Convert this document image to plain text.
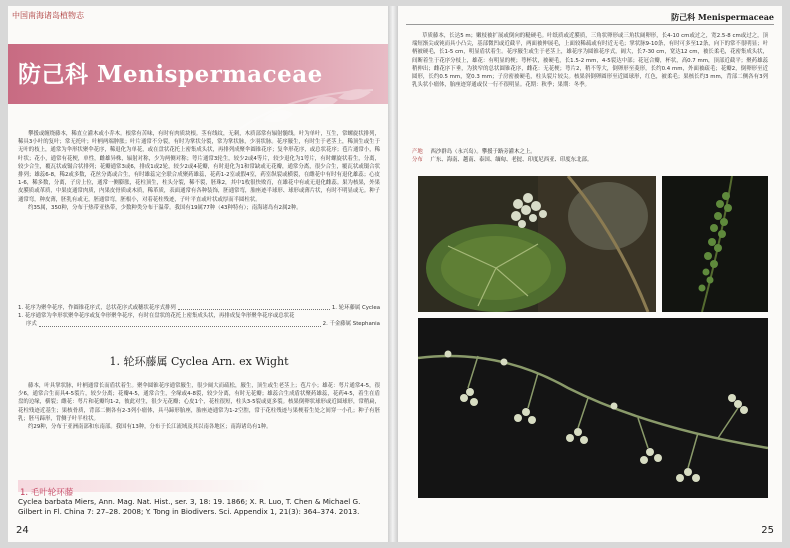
中国南海诸岛植物志
防己科 Menispermaceae

攀援或缠绕藤本，稀直立灌木或小乔木。根常有苦味，有时有肉质块根。茎有线纹，无刺，木质部常有辐射髓线。叶为单叶，互生，常螺旋状排列，稀具3小叶的复叶；常无托叶；叶柄两端肿胀；叶片通常不分裂，有时为掌状分裂，常为掌状脉，少羽状脉。花序腋生，有时生于老茎上，稀顶生或生于无叶的枝上，通常为伞形状聚伞花序，稀退化为单花，或在盘状花托上密集成头状，再排列成聚伞圆锥花序；复伞形花序，或总状花序；苞片通常小，稀叶状；花小，通常有花梗，单性，雌雄异株，辐射对称，少为两侧对称；萼片通常3轮生，较少2或4等片，较少退化为1萼片，有时螺旋状着生，分离，较少合生，覆瓦状或镊合状排列；花瓣通常3或6，排成1或2轮，较少2或4花瓣，有时退化为1和常缺或无花瓣，通常分离，很少合生，覆瓦状或镊合状排列；雄蕊6-8，稀2或多数，花丝分离或合生，有时雄蕊完全联合成聚药雄蕊，花药1-2室或假4室，药室纵裂或横裂，在雌花中有时有退化雄蕊；心皮1-6，稀多数，分离，子房上位，通常一侧膨胀，花柱顶生，柱头分裂，稀不裂，胚珠2，其中1枚很快败育，在雄花中有或无退化雌蕊。果为核果，外果皮膜质或革质，中果皮通常肉质，内果皮骨质或木质，稀革质，表面通常有各种装饰，胚通常弯，胎座迹半球形、球形或薄片状，有时不明显或无。种子通常弯，种皮薄，胚乳有或无，胚通常弯，胚根小，对着花柱残迹，子叶平直或叶状或厚而半圆柱状。

约35属，350种，分布于热带亚热带，少数种类分布于温带。我国有19属77种（43种特有）；南海诸岛有2属2种。

1. 花序为聚伞花序，作圆锥花序式，总状花序式或穗状花序式排列	1. 轮环藤属 Cyclea
1. 花序通常为伞形状聚伞花序或复伞形聚伞花序，有时在盘状的花托上密集成头状，再排成复伞形聚伞花序或总状花
序式	2. 千金藤属 Stephania
1. 轮环藤属 Cyclea Arn. ex Wight

藤本，叶具掌状脉，叶柄通常长而盾状着生。聚伞圆锥花序通常腋生，很少阔大而疏松，腋生，顶生或生老茎上；苞片小；雄花：萼片通常4-5，很少6，通常合生而具4-5裂片，较少分离；花瓣4-5，通常合生，全缘或4-8裂，较少分离，有时无花瓣；雄蕊合生成盾状聚药雄蕊，花药4-5，着生在盾盘的边缘，横裂；雌花：萼片和花瓣均1-2，彼此对生，很少无花瓣；心皮1个，花柱很短，柱头3-5裂或更多裂。核果倒卵状球形或近圆球形，常稍扁，花柱残迹近基生；果核骨质，背部二侧各有2-3列小瘤体，具马蹄形胎座，胎座迹通常为1-2空腔，常于花柱残迹与果梗着生处之间穿一小孔；种子有胚乳；胚马蹄形，背侧子叶半柱状。

约29种，分布于亚洲南部和东南部。我国有13种，分布于长江流域及其以南各地区；南海诸岛有1种。

1. 毛叶轮环藤
Cyclea barbata Miers, Ann. Mag. Nat. Hist., ser. 3, 18: 19. 1866; X. R. Luo, T. Chen & Michael G. Gilbert in Fl. China 7: 27–28. 2008; Y. Tong in Biodivers. Sci. Appendix 1, 21(3): 364–374. 2013.
24
防己科 Menispermaceae

草质藤本，长达5 m；嫩枝被扩展或倒向的糙硬毛。叶纸质或近膜质，三角状卵形或三角状阔卵形，长4-10 cm或过之，宽2.5-8 cm或过之，顶端短渐尖或钝而具小凸尖，基部微凹或近截平，两面被伸展毛，上面较稀疏或有时近无毛；掌状脉9-10条，有时可多至12条，向下的常不很明显；叶柄被硬毛，长1-5 cm，明显盾状着生。花序腋生或生于老茎上，雄花序为圆锥花序式，阔大，长7-30 cm，宽达12 cm，被长柔毛，花密集成头状，间断着生于花序分枝上，雄花：有明显的梗；萼杯状，被硬毛，长1.5-2 mm，4-5裂达中部；花冠合瓣，杯状，高0.7 mm，顶部近截平；聚药雄蕊稍伸出；雌花序下垂，为狭窄的总状圆锥花序，雌花：无花梗；萼片2，稍不等大，倒卵形至菱形，长约0.4 mm，外面被疏毛；花瓣2，倒卵形至近圆形，长约0.5 mm，宽0.3 mm；子房密被硬毛，柱头裂片较尖。核果斜倒卵圆形至近圆球形，红色，被柔毛；果核长约3 mm，背部二侧各有3列乳头状小瘤体，胎座迹穿通或仅一行不很明显。花期：秋季；果期：冬季。

产地 西沙群岛（永兴岛）。攀援于路旁灌木之上。
分布 广东、海南、越南、泰国、缅甸、老挝、印度尼西亚、印度东北部。
25
